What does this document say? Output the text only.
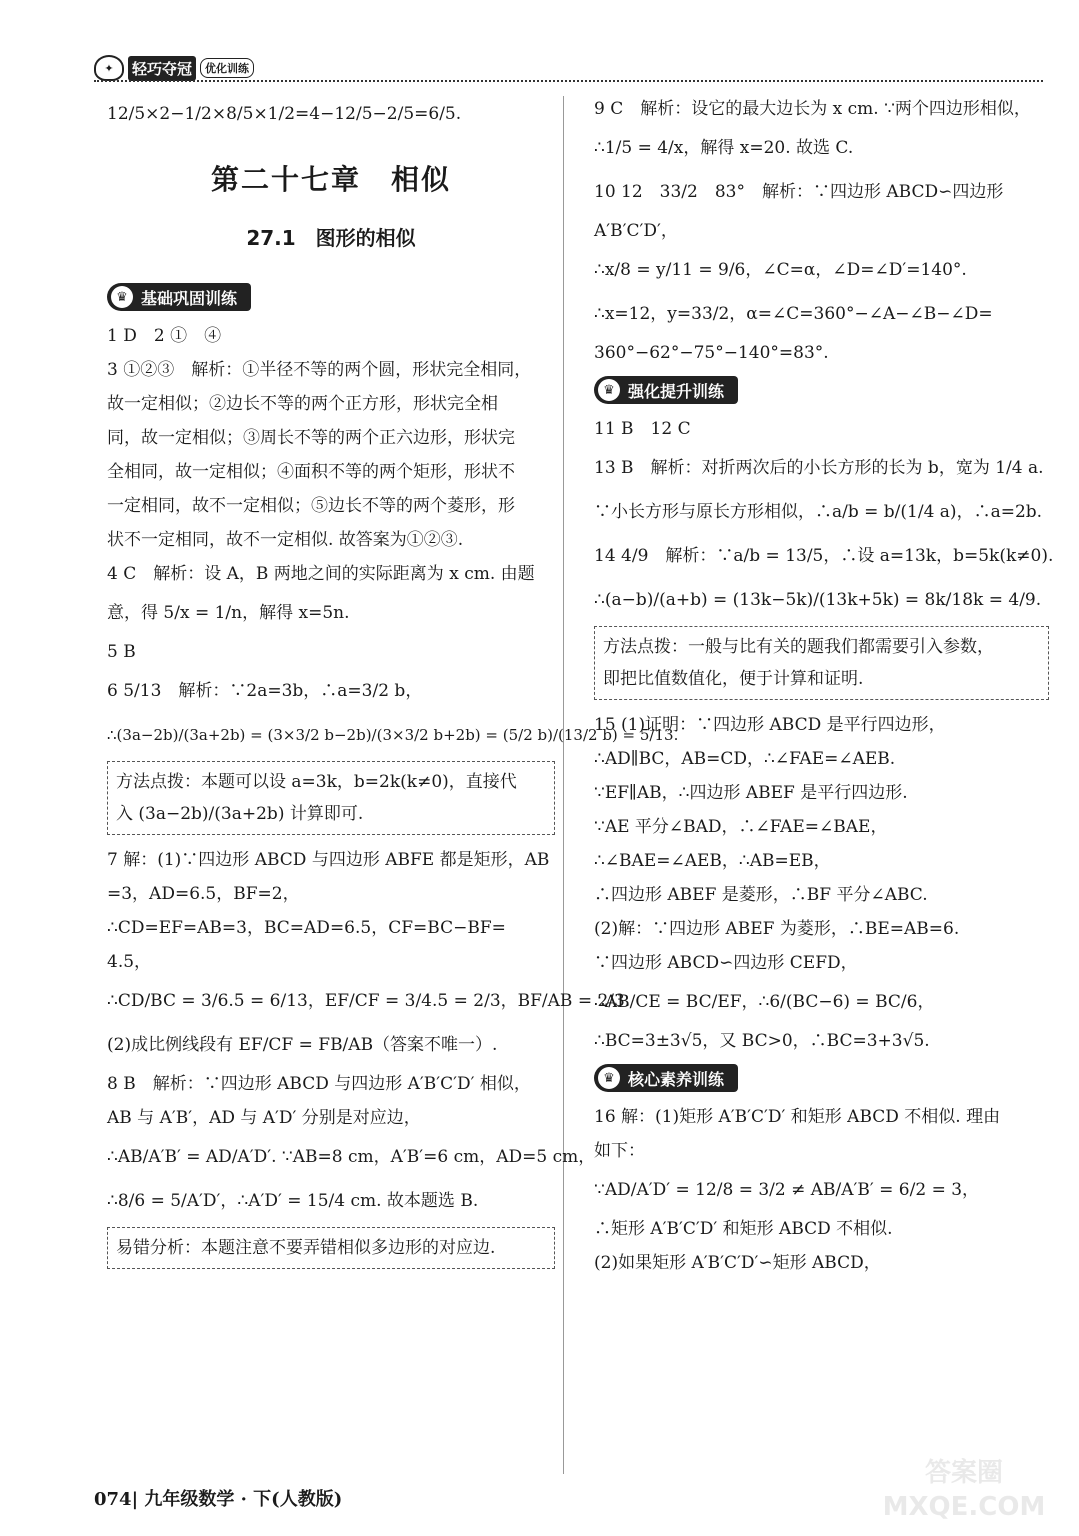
✦	轻巧夺冠	优化训练

12/5×2−1/2×8/5×1/2=4−12/5−2/5=6/5.

第二十七章　相似
27.1　图形的相似
♛ 基础巩固训练

1 D　2 ①　④

3 ①②③　解析：①半径不等的两个圆，形状完全相同，

故一定相似；②边长不等的两个正方形，形状完全相

同，故一定相似；③周长不等的两个正六边形，形状完

全相同，故一定相似；④面积不等的两个矩形，形状不

一定相同，故不一定相似；⑤边长不等的两个菱形，形

状不一定相同，故不一定相似. 故答案为①②③.

4 C　解析：设 A，B 两地之间的实际距离为 x cm. 由题

意，得 5/x = 1/n，解得 x=5n.

5 B

6 5/13　解析：∵2a=3b，∴a=3/2 b，

∴(3a−2b)/(3a+2b) = (3×3/2 b−2b)/(3×3/2 b+2b) = (5/2 b)/(13/2 b) = 5/13.

方法点拨：本题可以设 a=3k，b=2k(k≠0)，直接代

入 (3a−2b)/(3a+2b) 计算即可.

7 解：(1)∵四边形 ABCD 与四边形 ABFE 都是矩形，AB

=3，AD=6.5，BF=2，

∴CD=EF=AB=3，BC=AD=6.5，CF=BC−BF=

4.5，

∴CD/BC = 3/6.5 = 6/13，EF/CF = 3/4.5 = 2/3，BF/AB = 2/3.

(2)成比例线段有 EF/CF = FB/AB（答案不唯一）.

8 B　解析：∵四边形 ABCD 与四边形 A′B′C′D′ 相似，

AB 与 A′B′，AD 与 A′D′ 分别是对应边，

∴AB/A′B′ = AD/A′D′. ∵AB=8 cm，A′B′=6 cm，AD=5 cm，

∴8/6 = 5/A′D′，∴A′D′ = 15/4 cm. 故本题选 B.

易错分析：本题注意不要弄错相似多边形的对应边.

9 C　解析：设它的最大边长为 x cm. ∵两个四边形相似，

∴1/5 = 4/x，解得 x=20. 故选 C.

10 12　33/2　83°　解析：∵四边形 ABCD∽四边形

A′B′C′D′，

∴x/8 = y/11 = 9/6，∠C=α，∠D=∠D′=140°.

∴x=12，y=33/2，α=∠C=360°−∠A−∠B−∠D=

360°−62°−75°−140°=83°.

♛ 强化提升训练

11 B　12 C

13 B　解析：对折两次后的小长方形的长为 b，宽为 1/4 a.

∵小长方形与原长方形相似，∴a/b = b/(1/4 a)，∴a=2b.

14 4/9　解析：∵a/b = 13/5，∴设 a=13k，b=5k(k≠0).

∴(a−b)/(a+b) = (13k−5k)/(13k+5k) = 8k/18k = 4/9.

方法点拨：一般与比有关的题我们都需要引入参数，

即把比值数值化，便于计算和证明.

15 (1)证明：∵四边形 ABCD 是平行四边形，

∴AD∥BC，AB=CD，∴∠FAE=∠AEB.

∵EF∥AB，∴四边形 ABEF 是平行四边形.

∵AE 平分∠BAD，∴∠FAE=∠BAE，

∴∠BAE=∠AEB，∴AB=EB，

∴四边形 ABEF 是菱形，∴BF 平分∠ABC.

(2)解：∵四边形 ABEF 为菱形，∴BE=AB=6.

∵四边形 ABCD∽四边形 CEFD，

∴AB/CE = BC/EF，∴6/(BC−6) = BC/6，

∴BC=3±3√5，又 BC>0，∴BC=3+3√5.

♛ 核心素养训练

16 解：(1)矩形 A′B′C′D′ 和矩形 ABCD 不相似. 理由

如下：

∵AD/A′D′ = 12/8 = 3/2 ≠ AB/A′B′ = 6/2 = 3，

∴矩形 A′B′C′D′ 和矩形 ABCD 不相似.

(2)如果矩形 A′B′C′D′∽矩形 ABCD，

074| 九年级数学 · 下(人教版)
答案圈
MXQE.COM
